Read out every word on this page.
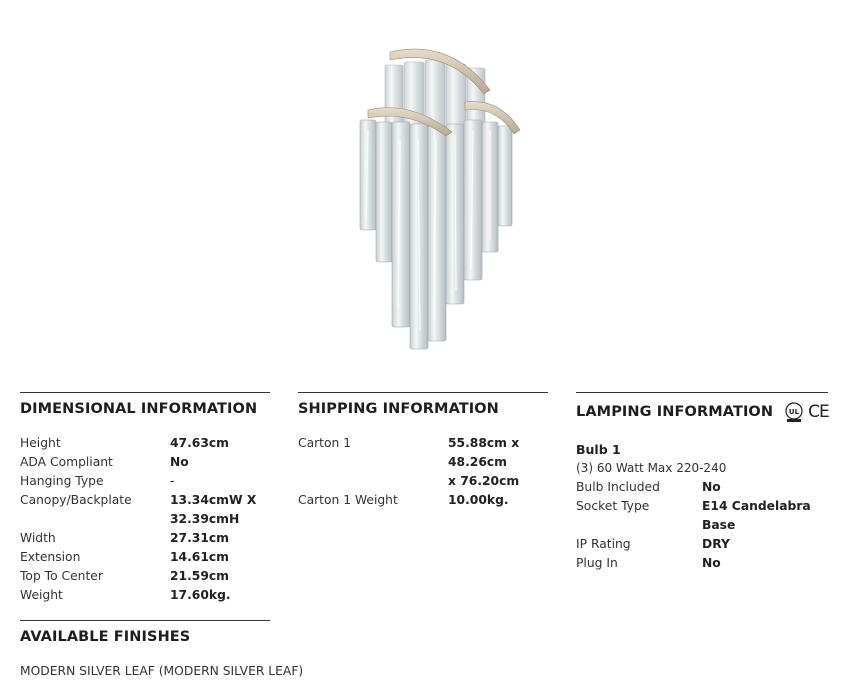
DIMENSIONAL INFORMATION
Height	47.63cm
ADA Compliant	No
Hanging Type	-
Canopy/Backplate	13.34cmW X
32.39cmH
Width	27.31cm
Extension	14.61cm
Top To Center	21.59cm
Weight	17.60kg.
SHIPPING INFORMATION
Carton 1	55.88cm x 48.26cm
x 76.20cm
Carton 1 Weight	10.00kg.
LAMPING INFORMATION UL CE
Bulb 1
(3) 60 Watt Max 220-240
Bulb Included	No
Socket Type	E14 Candelabra Base
IP Rating	DRY
Plug In	No
AVAILABLE FINISHES
MODERN SILVER LEAF (MODERN SILVER LEAF)
